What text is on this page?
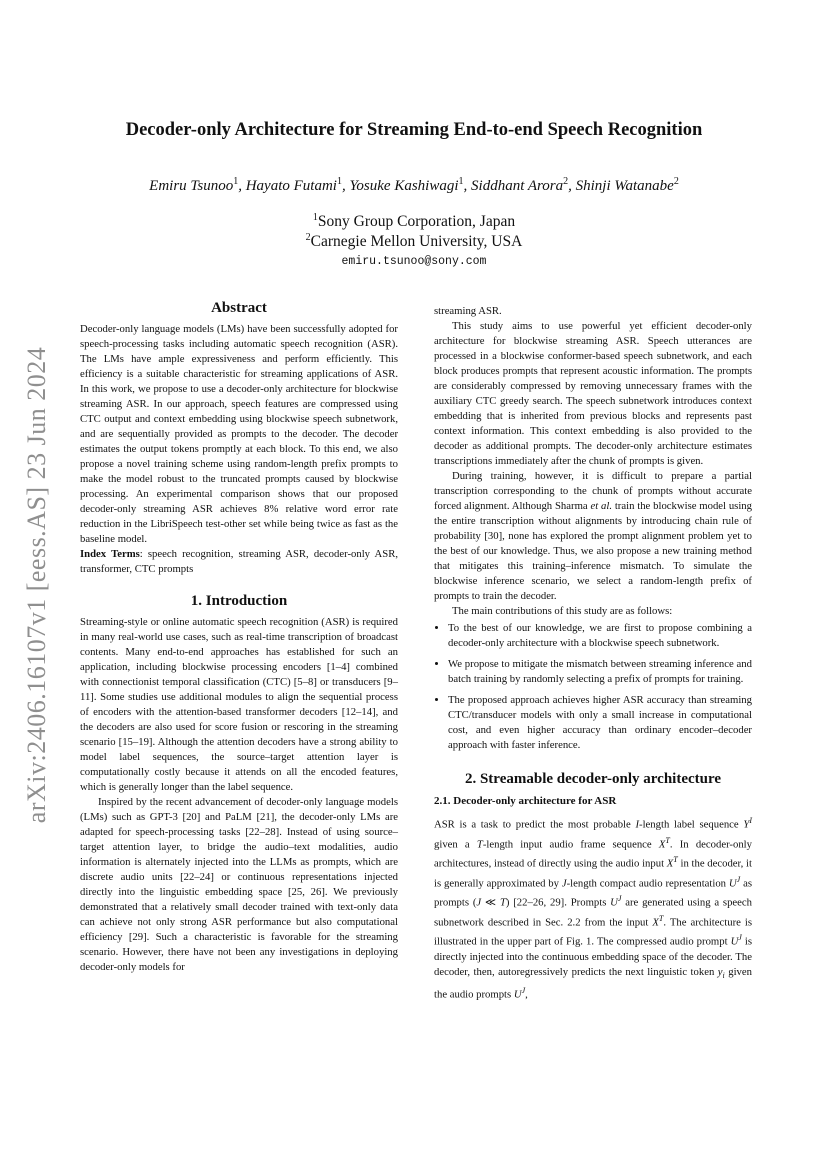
arXiv:2406.16107v1 [eess.AS] 23 Jun 2024
Decoder-only Architecture for Streaming End-to-end Speech Recognition
Emiru Tsunoo$^1$, Hayato Futami$^1$, Yosuke Kashiwagi$^1$, Siddhant Arora$^2$, Shinji Watanabe$^2$
$^1$Sony Group Corporation, Japan
$^2$Carnegie Mellon University, USA
emiru.tsunoo@sony.com
Abstract

Decoder-only language models (LMs) have been successfully adopted for speech-processing tasks including automatic speech recognition (ASR). The LMs have ample expressiveness and perform efficiently. This efficiency is a suitable characteristic for streaming applications of ASR. In this work, we propose to use a decoder-only architecture for blockwise streaming ASR. In our approach, speech features are compressed using CTC output and context embedding using blockwise speech subnetwork, and are sequentially provided as prompts to the decoder. The decoder estimates the output tokens promptly at each block. To this end, we also propose a novel training scheme using random-length prefix prompts to make the model robust to the truncated prompts caused by blockwise processing. An experimental comparison shows that our proposed decoder-only streaming ASR achieves 8% relative word error rate reduction in the LibriSpeech test-other set while being twice as fast as the baseline model.

Index Terms: speech recognition, streaming ASR, decoder-only ASR, transformer, CTC prompts

1. Introduction

Streaming-style or online automatic speech recognition (ASR) is required in many real-world use cases, such as real-time transcription of broadcast contents. Many end-to-end approaches has established for such an application, including blockwise processing encoders [1–4] combined with connectionist temporal classification (CTC) [5–8] or transducers [9–11]. Some studies use additional modules to align the sequential process of encoders with the attention-based transformer decoders [12–14], and the decoders are also used for score fusion or rescoring in the streaming scenario [15–19]. Although the attention decoders have a strong ability to model label sequences, the source–target attention layer is computationally costly because it attends on all the encoded features, which is generally longer than the label sequence.

Inspired by the recent advancement of decoder-only language models (LMs) such as GPT-3 [20] and PaLM [21], the decoder-only LMs are adapted for speech-processing tasks [22–28]. Instead of using source–target attention layer, to bridge the audio–text modalities, audio information is alternately injected into the LLMs as prompts, which are discrete audio units [22–24] or continuous representations injected directly into the linguistic embedding space [25, 26]. We previously demonstrated that a relatively small decoder trained with text-only data can achieve not only strong ASR performance but also computational efficiency [29]. Such a characteristic is favorable for the streaming scenario. However, there have not been any investigations in deploying decoder-only models for

streaming ASR.

This study aims to use powerful yet efficient decoder-only architecture for blockwise streaming ASR. Speech utterances are processed in a blockwise conformer-based speech subnetwork, and each block produces prompts that represent acoustic information. The prompts are considerably compressed by removing unnecessary frames with the auxiliary CTC greedy search. The speech subnetwork introduces context embedding that is inherited from previous blocks and represents past context information. This context embedding is also provided to the decoder as additional prompts. The decoder-only architecture estimates transcriptions immediately after the chunk of prompts is given.

During training, however, it is difficult to prepare a partial transcription corresponding to the chunk of prompts without accurate forced alignment. Although Sharma et al. train the blockwise model using the entire transcription without alignments by introducing chain rule of probability [30], none has explored the prompt alignment problem yet to the best of our knowledge. Thus, we also propose a new training method that mitigates this training–inference mismatch. To simulate the blockwise inference scenario, we select a random-length prefix of prompts to train the decoder.

The main contributions of this study are as follows:

• To the best of our knowledge, we are first to propose combining a decoder-only architecture with a blockwise speech subnetwork.
• We propose to mitigate the mismatch between streaming inference and batch training by randomly selecting a prefix of prompts for training.
• The proposed approach achieves higher ASR accuracy than streaming CTC/transducer models with only a small increase in computational cost, and even higher accuracy than ordinary encoder–decoder approach with faster inference.
2. Streamable decoder-only architecture

2.1. Decoder-only architecture for ASR

ASR is a task to predict the most probable I-length label sequence $Y^I$ given a T-length input audio frame sequence $X^T$. In decoder-only architectures, instead of directly using the audio input $X^T$ in the decoder, it is generally approximated by J-length compact audio representation $U^J$ as prompts (J ≪ T) [22–26, 29]. Prompts $U^J$ are generated using a speech subnetwork described in Sec. 2.2 from the input $X^T$. The architecture is illustrated in the upper part of Fig. 1. The compressed audio prompt $U^J$ is directly injected into the continuous embedding space of the decoder. The decoder, then, autoregressively predicts the next linguistic token $y_i$ given the audio prompts $U^J$,
